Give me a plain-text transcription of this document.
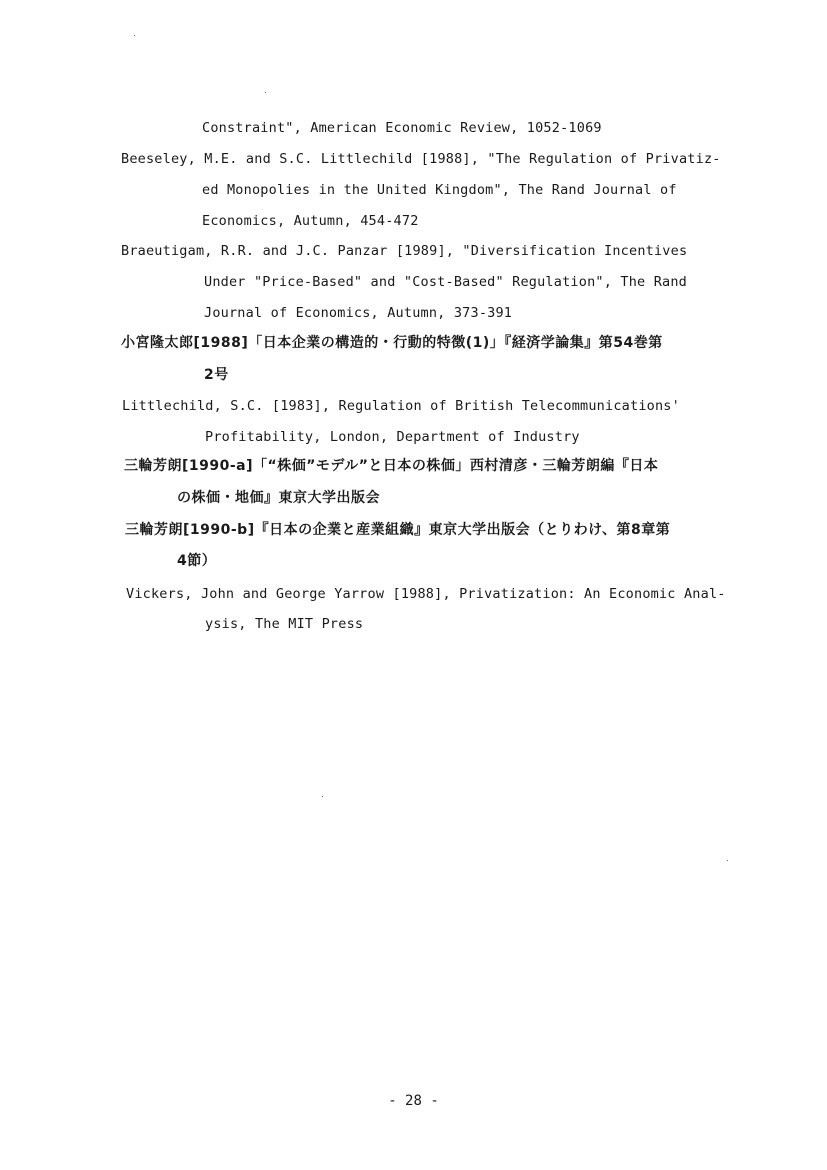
Constraint", American Economic Review, 1052-1069
Beeseley, M.E. and S.C. Littlechild [1988], "The Regulation of Privatiz-
ed Monopolies in the United Kingdom", The Rand Journal of
Economics, Autumn, 454-472
Braeutigam, R.R. and J.C. Panzar [1989], "Diversification Incentives
Under "Price-Based" and "Cost-Based" Regulation", The Rand
Journal of Economics, Autumn, 373-391
小宮隆太郎[1988]「日本企業の構造的・行動的特徴(1)」『経済学論集』第54巻第
2号
Littlechild, S.C. [1983], Regulation of British Telecommunications'
Profitability, London, Department of Industry
三輪芳朗[1990-a]「“株価”モデル”と日本の株価」西村清彦・三輪芳朗編『日本
の株価・地価』東京大学出版会
三輪芳朗[1990-b]『日本の企業と産業組織』東京大学出版会（とりわけ、第8章第
4節）
Vickers, John and George Yarrow [1988], Privatization: An Economic Anal-
ysis, The MIT Press
- 28 -
